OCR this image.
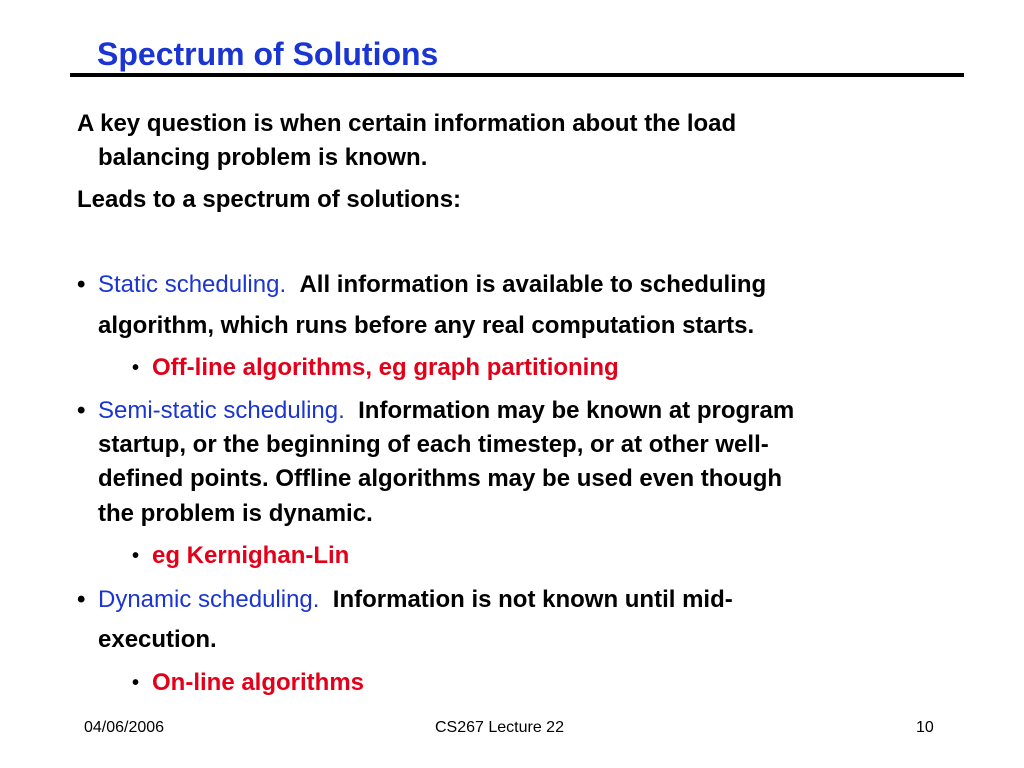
Spectrum of Solutions
A key question is when certain information about the load
balancing problem is known.
Leads to a spectrum of solutions:
• Static scheduling. All information is available to scheduling
algorithm, which runs before any real computation starts.
• Off-line algorithms, eg graph partitioning
• Semi-static scheduling. Information may be known at program
startup, or the beginning of each timestep, or at other well-
defined points. Offline algorithms may be used even though
the problem is dynamic.
• eg Kernighan-Lin
• Dynamic scheduling. Information is not known until mid-
execution.
• On-line algorithms
04/06/2006	CS267 Lecture 22	10
